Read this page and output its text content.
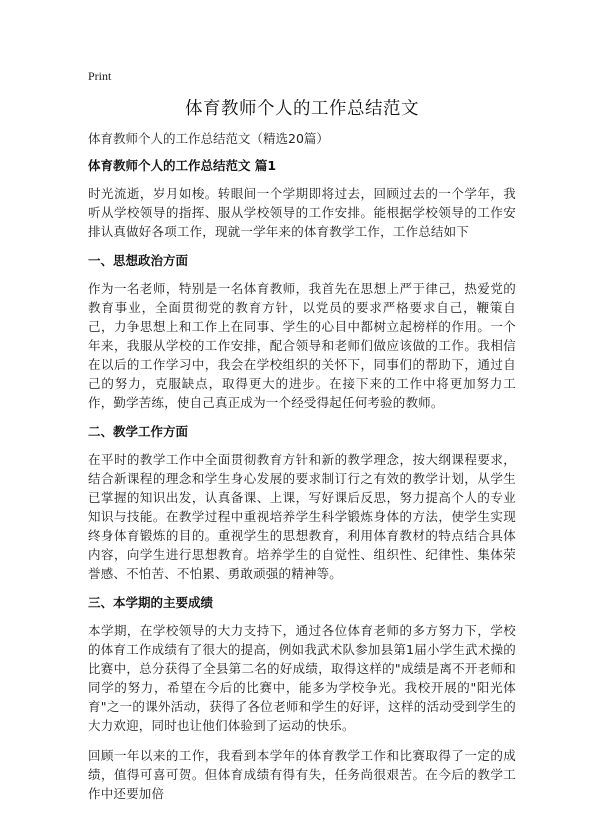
Print
体育教师个人的工作总结范文
体育教师个人的工作总结范文（精选20篇）
体育教师个人的工作总结范文 篇1

时光流逝，岁月如梭。转眼间一个学期即将过去，回顾过去的一个学年，我听从学校领导的指挥、服从学校领导的工作安排。能根据学校领导的工作安排认真做好各项工作，现就一学年来的体育教学工作，工作总结如下

一、思想政治方面

作为一名老师，特别是一名体育教师，我首先在思想上严于律己，热爱党的教育事业，全面贯彻党的教育方针，以党员的要求严格要求自己，鞭策自己，力争思想上和工作上在同事、学生的心目中都树立起榜样的作用。一个年来，我服从学校的工作安排，配合领导和老师们做应该做的工作。我相信在以后的工作学习中，我会在学校组织的关怀下，同事们的帮助下，通过自己的努力，克服缺点，取得更大的进步。在接下来的工作中将更加努力工作，勤学苦练，使自己真正成为一个经受得起任何考验的教师。

二、教学工作方面

在平时的教学工作中全面贯彻教育方针和新的教学理念，按大纲课程要求，结合新课程的理念和学生身心发展的要求制订行之有效的教学计划，从学生已掌握的知识出发，认真备课、上课，写好课后反思，努力提高个人的专业知识与技能。在教学过程中重视培养学生科学锻炼身体的方法，使学生实现终身体育锻炼的目的。重视学生的思想教育，利用体育教材的特点结合具体内容，向学生进行思想教育。培养学生的自觉性、组织性、纪律性、集体荣誉感、不怕苦、不怕累、勇敢顽强的精神等。

三、本学期的主要成绩

本学期，在学校领导的大力支持下，通过各位体育老师的多方努力下，学校的体育工作成绩有了很大的提高，例如我武术队参加县第1届小学生武术操的比赛中，总分获得了全县第二名的好成绩，取得这样的"成绩是离不开老师和同学的努力，希望在今后的比赛中，能多为学校争光。我校开展的"阳光体育"之一的课外活动，获得了各位老师和学生的好评，这样的活动受到学生的大力欢迎，同时也让他们体验到了运动的快乐。

回顾一年以来的工作，我看到本学年的体育教学工作和比赛取得了一定的成绩，值得可喜可贺。但体育成绩有得有失，任务尚很艰苦。在今后的教学工作中还要加倍
